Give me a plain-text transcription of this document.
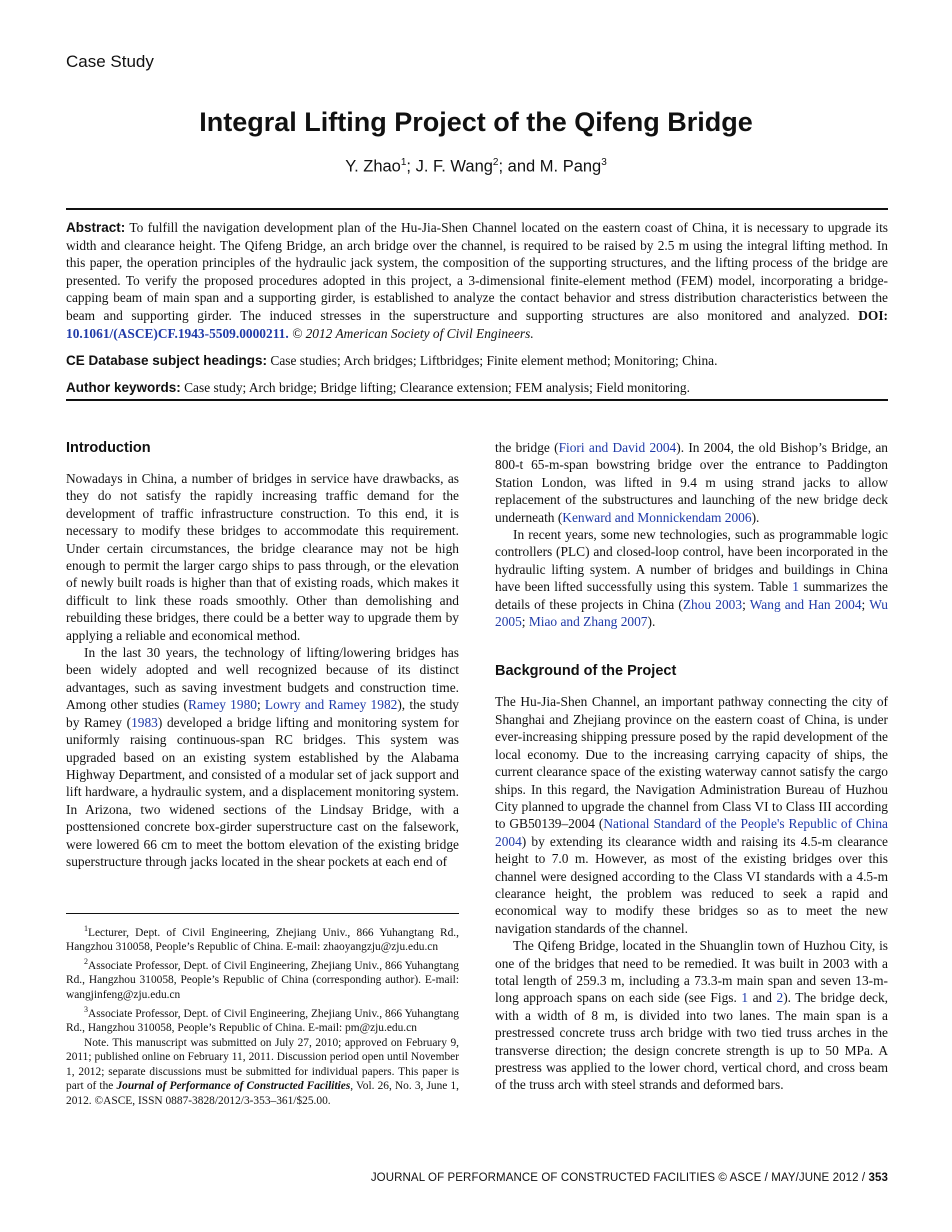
Case Study
Integral Lifting Project of the Qifeng Bridge
Y. Zhao$^1$; J. F. Wang$^2$; and M. Pang$^3$

Abstract: To fulfill the navigation development plan of the Hu-Jia-Shen Channel located on the eastern coast of China, it is necessary to upgrade its width and clearance height. The Qifeng Bridge, an arch bridge over the channel, is required to be raised by 2.5 m using the integral lifting method. In this paper, the operation principles of the hydraulic jack system, the composition of the supporting structures, and the lifting process of the bridge are presented. To verify the proposed procedures adopted in this project, a 3-dimensional finite-element method (FEM) model, incorporating a bridge-capping beam of main span and a supporting girder, is established to analyze the contact behavior and stress distribution characteristics between the beam and supporting girder. The induced stresses in the superstructure and supporting structures are also monitored and analyzed. DOI: 10.1061/(ASCE)CF.1943-5509.0000211. © 2012 American Society of Civil Engineers.

CE Database subject headings: Case studies; Arch bridges; Liftbridges; Finite element method; Monitoring; China.

Author keywords: Case study; Arch bridge; Bridge lifting; Clearance extension; FEM analysis; Field monitoring.

Introduction

Nowadays in China, a number of bridges in service have drawbacks, as they do not satisfy the rapidly increasing traffic demand for the development of traffic infrastructure construction. To this end, it is necessary to modify these bridges to accommodate this requirement. Under certain circumstances, the bridge clearance may not be high enough to permit the larger cargo ships to pass through, or the elevation of newly built roads is higher than that of existing roads, which makes it difficult to link these roads smoothly. Other than demolishing and rebuilding these bridges, there could be a better way to upgrade them by applying a reliable and economical method.

In the last 30 years, the technology of lifting/lowering bridges has been widely adopted and well recognized because of its distinct advantages, such as saving investment budgets and construction time. Among other studies (Ramey 1980; Lowry and Ramey 1982), the study by Ramey (1983) developed a bridge lifting and monitoring system for uniformly raising continuous-span RC bridges. This system was upgraded based on an existing system established by the Alabama Highway Department, and consisted of a modular set of jack support and lift hardware, a hydraulic system, and a displacement monitoring system. In Arizona, two widened sections of the Lindsay Bridge, with a posttensioned concrete box-girder superstructure cast on the falsework, were lowered 66 cm to meet the bottom elevation of the existing bridge superstructure through jacks located in the shear pockets at each end of

$^1$Lecturer, Dept. of Civil Engineering, Zhejiang Univ., 866 Yuhangtang Rd., Hangzhou 310058, People’s Republic of China. E-mail: zhaoyangzju@zju.edu.cn

$^2$Associate Professor, Dept. of Civil Engineering, Zhejiang Univ., 866 Yuhangtang Rd., Hangzhou 310058, People’s Republic of China (corresponding author). E-mail: wangjinfeng@zju.edu.cn

$^3$Associate Professor, Dept. of Civil Engineering, Zhejiang Univ., 866 Yuhangtang Rd., Hangzhou 310058, People’s Republic of China. E-mail: pm@zju.edu.cn

Note. This manuscript was submitted on July 27, 2010; approved on February 9, 2011; published online on February 11, 2011. Discussion period open until November 1, 2012; separate discussions must be submitted for individual papers. This paper is part of the Journal of Performance of Constructed Facilities, Vol. 26, No. 3, June 1, 2012. ©ASCE, ISSN 0887-3828/2012/3-353–361/$25.00.

the bridge (Fiori and David 2004). In 2004, the old Bishop’s Bridge, an 800-t 65-m-span bowstring bridge over the entrance to Paddington Station London, was lifted in 9.4 m using strand jacks to allow replacement of the substructures and launching of the new bridge deck underneath (Kenward and Monnickendam 2006).

In recent years, some new technologies, such as programmable logic controllers (PLC) and closed-loop control, have been incorporated in the hydraulic lifting system. A number of bridges and buildings in China have been lifted successfully using this system. Table 1 summarizes the details of these projects in China (Zhou 2003; Wang and Han 2004; Wu 2005; Miao and Zhang 2007).

Background of the Project

The Hu-Jia-Shen Channel, an important pathway connecting the city of Shanghai and Zhejiang province on the eastern coast of China, is under ever-increasing shipping pressure posed by the rapid development of the local economy. Due to the increasing carrying capacity of ships, the current clearance space of the existing waterway cannot satisfy the cargo ships. In this regard, the Navigation Administration Bureau of Huzhou City planned to upgrade the channel from Class VI to Class III according to GB50139–2004 (National Standard of the People's Republic of China 2004) by extending its clearance width and raising its 4.5-m clearance height to 7.0 m. However, as most of the existing bridges over this channel were designed according to the Class VI standards with a 4.5-m clearance height, the problem was reduced to seek a rapid and economical way to modify these bridges so as to meet the new navigation standards of the channel.

The Qifeng Bridge, located in the Shuanglin town of Huzhou City, is one of the bridges that need to be remedied. It was built in 2003 with a total length of 259.3 m, including a 73.3-m main span and seven 13-m-long approach spans on each side (see Figs. 1 and 2). The bridge deck, with a width of 8 m, is divided into two lanes. The main span is a prestressed concrete truss arch bridge with two tied truss arches in the transverse direction; the design concrete strength is up to 50 MPa. A prestress was applied to the lower chord, vertical chord, and cross beam of the truss arch with steel strands and deformed bars.

JOURNAL OF PERFORMANCE OF CONSTRUCTED FACILITIES © ASCE / MAY/JUNE 2012 / 353
